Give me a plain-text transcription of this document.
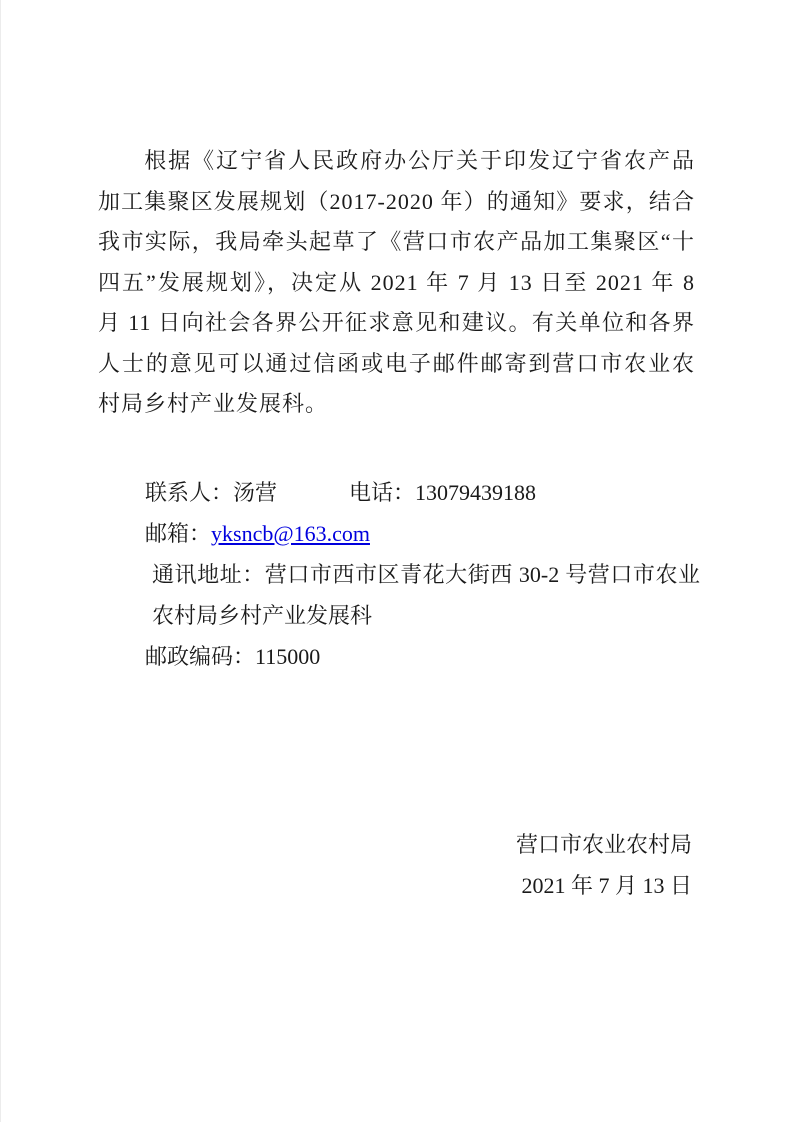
根据《辽宁省人民政府办公厅关于印发辽宁省农产品加工集聚区发展规划（2017-2020 年）的通知》要求，结合我市实际，我局牵头起草了《营口市农产品加工集聚区“十四五”发展规划》，决定从 2021 年 7 月 13 日至 2021 年 8 月 11 日向社会各界公开征求意见和建议。有关单位和各界人士的意见可以通过信函或电子邮件邮寄到营口市农业农村局乡村产业发展科。

联系人：汤营	电话：13079439188
邮箱：yksncb@163.com
通讯地址：营口市西市区青花大街西 30-2 号营口市农业农村局乡村产业发展科
邮政编码：115000
营口市农业农村局
2021 年 7 月 13 日
